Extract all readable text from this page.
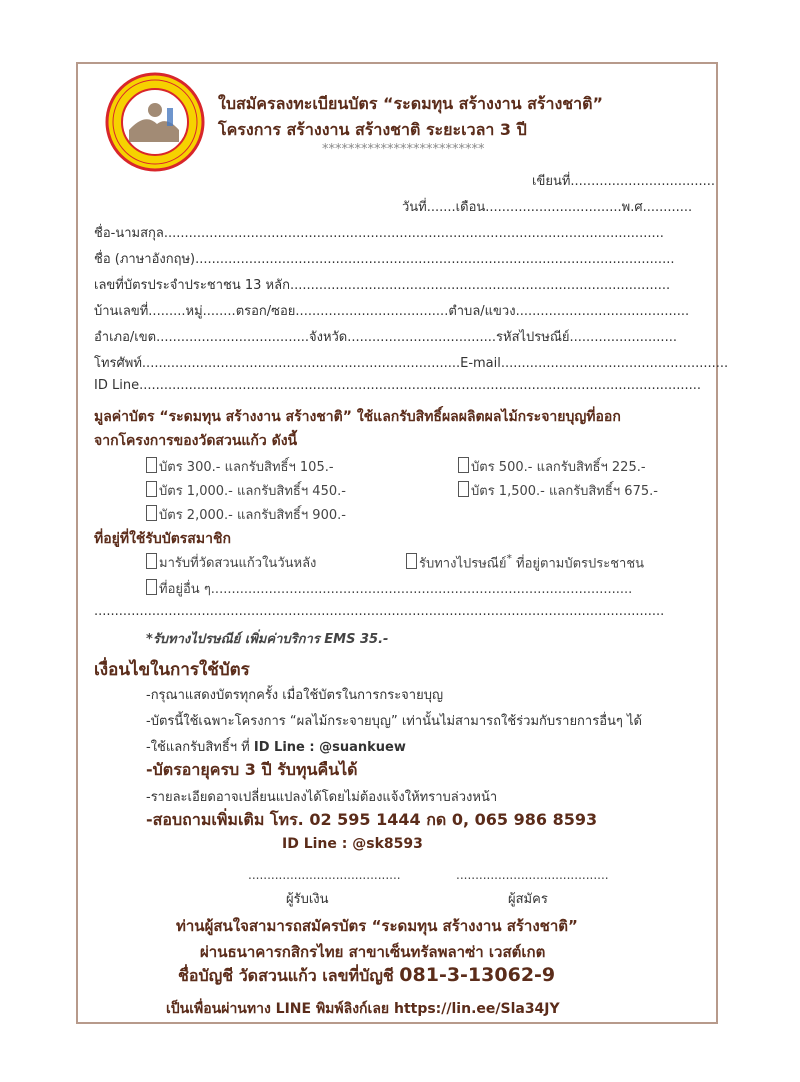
ใบสมัครลงทะเบียนบัตร “ระดมทุน สร้างงาน สร้างชาติ”
โครงการ สร้างงาน สร้างชาติ ระยะเวลา 3 ปี
*************************
เขียนที่...................................
วันที่.......เดือน.................................พ.ศ............
ชื่อ-นามสกุล.........................................................................................................................
ชื่อ (ภาษาอังกฤษ)....................................................................................................................
เลขที่บัตรประจำประชาชน 13 หลัก............................................................................................
บ้านเลขที่.........หมู่........ตรอก/ซอย.....................................ตำบล/แขวง..........................................
อำเภอ/เขต.....................................จังหวัด....................................รหัสไปรษณีย์..........................
โทรศัพท์.............................................................................E-mail.......................................................
ID Line........................................................................................................................................
มูลค่าบัตร “ระดมทุน สร้างงาน สร้างชาติ” ใช้แลกรับสิทธิ์ผลผลิตผลไม้กระจายบุญที่ออก
จากโครงการของวัดสวนแก้ว ดังนี้
บัตร 300.- แลกรับสิทธิ์ฯ 105.-	บัตร 500.- แลกรับสิทธิ์ฯ 225.-
บัตร 1,000.- แลกรับสิทธิ์ฯ 450.-	บัตร 1,500.- แลกรับสิทธิ์ฯ 675.-
บัตร 2,000.- แลกรับสิทธิ์ฯ 900.-
ที่อยู่ที่ใช้รับบัตรสมาชิก
มารับที่วัดสวนแก้วในวันหลัง	รับทางไปรษณีย์* ที่อยู่ตามบัตรประชาชน
ที่อยู่อื่น ๆ......................................................................................................
..........................................................................................................................................
*รับทางไปรษณีย์ เพิ่มค่าบริการ EMS 35.-
เงื่อนไขในการใช้บัตร
-กรุณาแสดงบัตรทุกครั้ง เมื่อใช้บัตรในการกระจายบุญ
-บัตรนี้ใช้เฉพาะโครงการ “ผลไม้กระจายบุญ” เท่านั้นไม่สามารถใช้ร่วมกับรายการอื่นๆ ได้
-ใช้แลกรับสิทธิ์ฯ ที่ ID Line : @suankuew
-บัตรอายุครบ 3 ปี รับทุนคืนได้
-รายละเอียดอาจเปลี่ยนแปลงได้โดยไม่ต้องแจ้งให้ทราบล่วงหน้า
-สอบถามเพิ่มเติม โทร. 02 595 1444 กด 0, 065 986 8593
ID Line : @sk8593
........................................	........................................
ผู้รับเงิน	ผู้สมัคร
ท่านผู้สนใจสามารถสมัครบัตร “ระดมทุน สร้างงาน สร้างชาติ”
ผ่านธนาคารกสิกรไทย สาขาเซ็นทรัลพลาซ่า เวสต์เกต
ชื่อบัญชี วัดสวนแก้ว เลขที่บัญชี 081-3-13062-9
เป็นเพื่อนผ่านทาง LINE พิมพ์ลิงก์เลย https://lin.ee/Sla34JY
